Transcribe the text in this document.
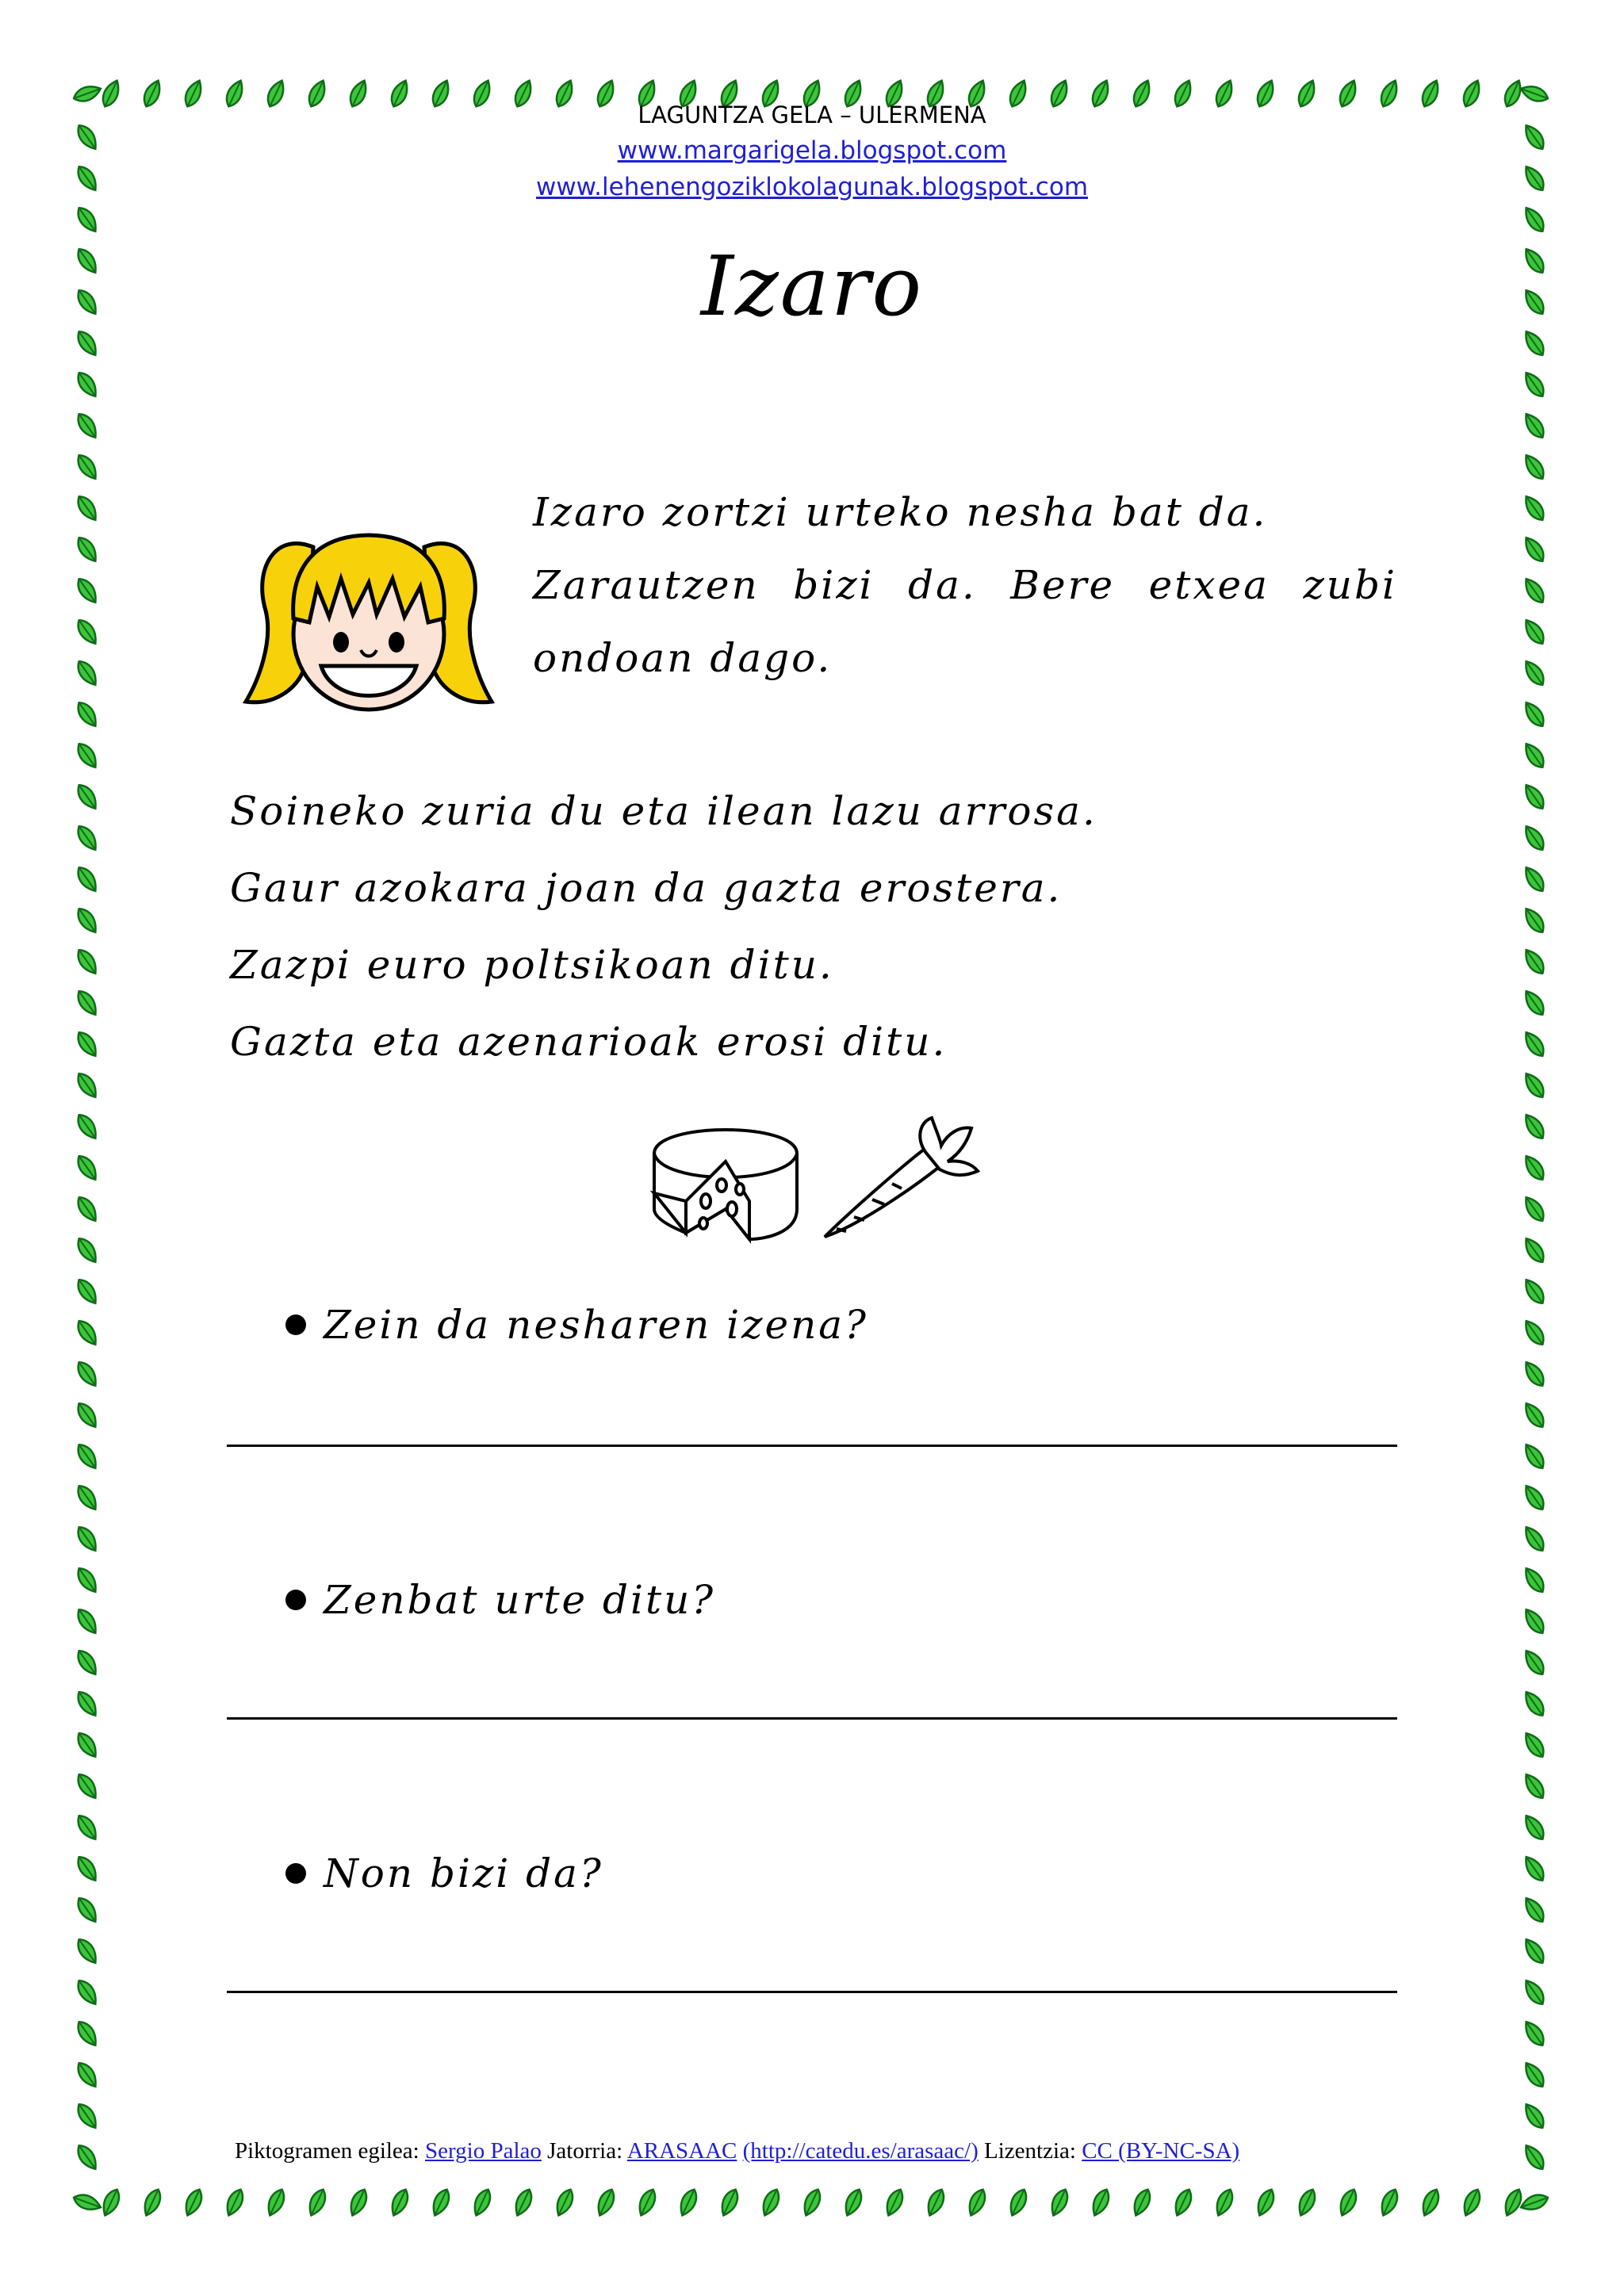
LAGUNTZA GELA – ULERMENA
www.margarigela.blogspot.com
www.lehenengoziklokolagunak.blogspot.com
Izaro

Izaro zortzi urteko nesha bat da.

Zarautzen bizi da. Bere etxea zubi

ondoan dago.

Soineko zuria du eta ilean lazu arrosa.

Gaur azokara joan da gazta erostera.

Zazpi euro poltsikoan ditu.

Gazta eta azenarioak erosi ditu.

Zein da nesharen izena?
Zenbat urte ditu?
Non bizi da?
Piktogramen egilea: Sergio Palao Jatorria: ARASAAC (http://catedu.es/arasaac/) Lizentzia: CC (BY-NC-SA)
